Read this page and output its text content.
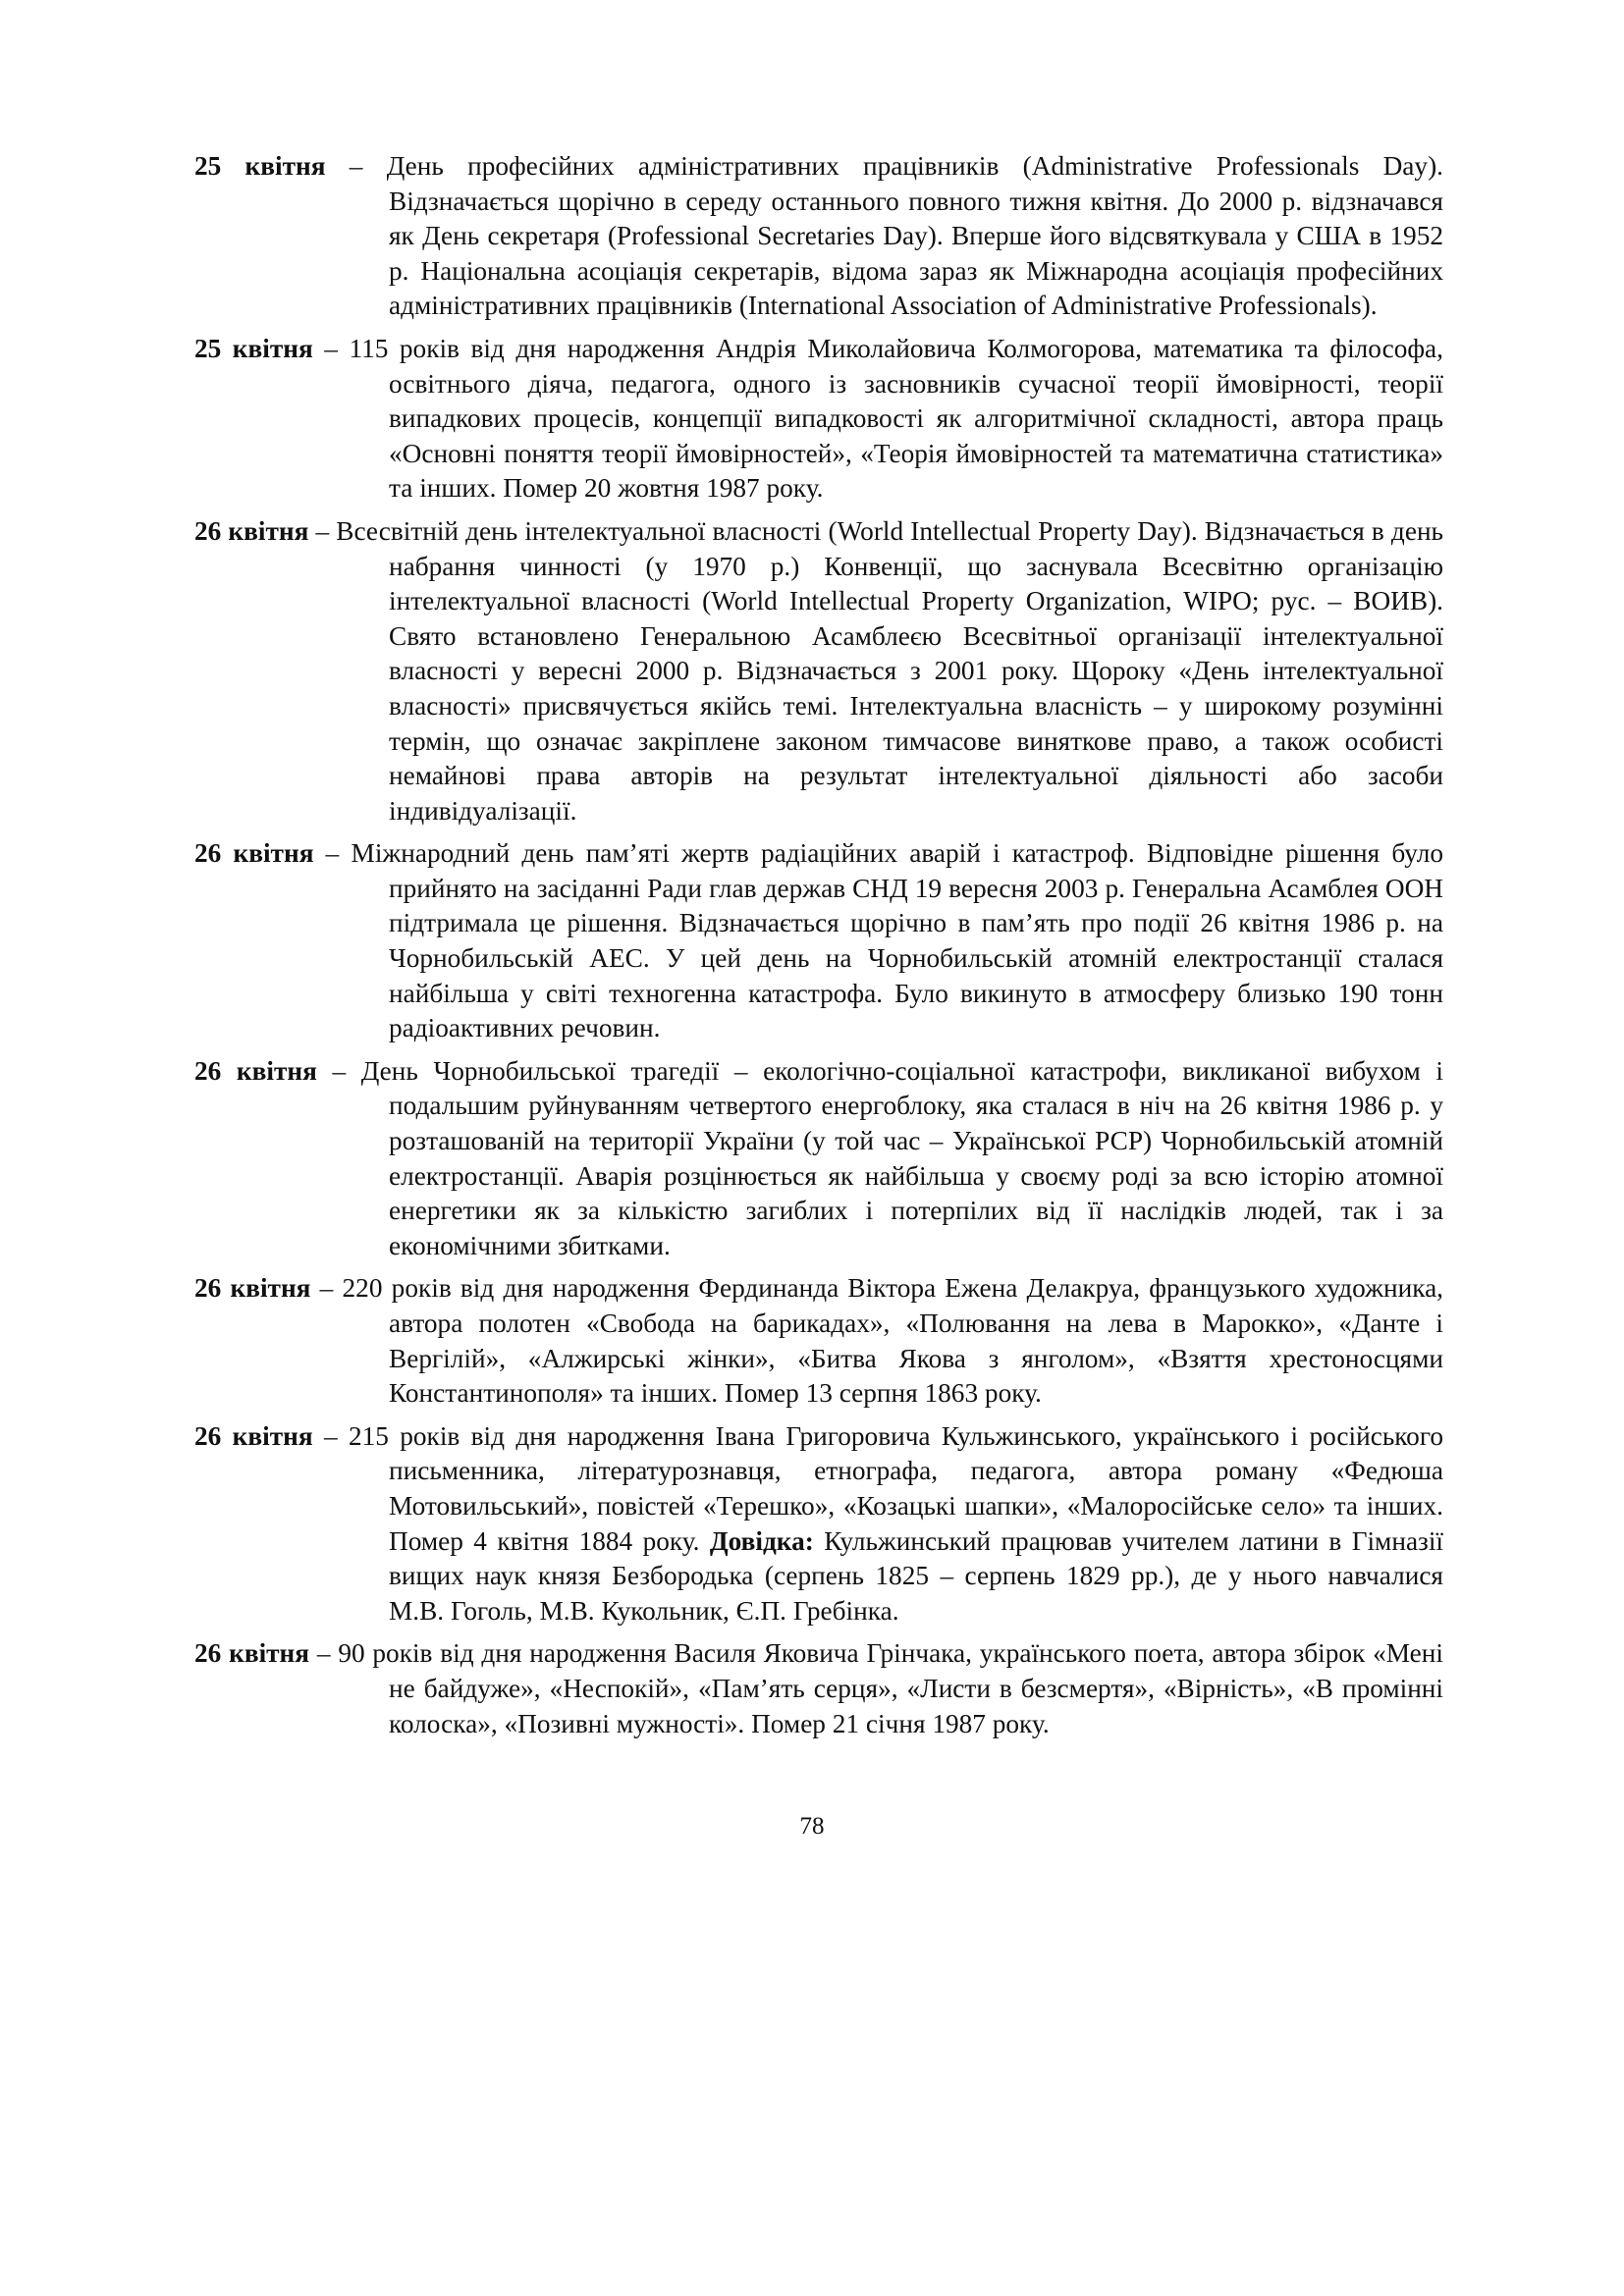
25 квітня – День професійних адміністративних працівників (Administrative Professionals Day). Відзначається щорічно в середу останнього повного тижня квітня. До 2000 р. відзначався як День секретаря (Professional Secretaries Day). Вперше його відсвяткувала у США в 1952 р. Національна асоціація секретарів, відома зараз як Міжнародна асоціація професійних адміністративних працівників (International Association of Administrative Professionals).

25 квітня – 115 років від дня народження Андрія Миколайовича Колмогорова, математика та філософа, освітнього діяча, педагога, одного із засновників сучасної теорії ймовірності, теорії випадкових процесів, концепції випадковості як алгоритмічної складності, автора праць «Основні поняття теорії ймовірностей», «Теорія ймовірностей та математична статистика» та інших. Помер 20 жовтня 1987 року.

26 квітня – Всесвітній день інтелектуальної власності (World Intellectual Property Day). Відзначається в день набрання чинності (у 1970 р.) Конвенції, що заснувала Всесвітню організацію інтелектуальної власності (World Intellectual Property Organization, WIPO; рус. – ВОИВ). Свято встановлено Генеральною Асамблеєю Всесвітньої організації інтелектуальної власності у вересні 2000 р. Відзначається з 2001 року. Щороку «День інтелектуальної власності» присвячується якійсь темі. Інтелектуальна власність – у широкому розумінні термін, що означає закріплене законом тимчасове виняткове право, а також особисті немайнові права авторів на результат інтелектуальної діяльності або засоби індивідуалізації.

26 квітня – Міжнародний день пам’яті жертв радіаційних аварій і катастроф. Відповідне рішення було прийнято на засіданні Ради глав держав СНД 19 вересня 2003 р. Генеральна Асамблея ООН підтримала це рішення. Відзначається щорічно в пам’ять про події 26 квітня 1986 р. на Чорнобильській АЕС. У цей день на Чорнобильській атомній електростанції сталася найбільша у світі техногенна катастрофа. Було викинуто в атмосферу близько 190 тонн радіоактивних речовин.

26 квітня – День Чорнобильської трагедії – екологічно-соціальної катастрофи, викликаної вибухом і подальшим руйнуванням четвертого енергоблоку, яка сталася в ніч на 26 квітня 1986 р. у розташованій на території України (у той час – Української РСР) Чорнобильській атомній електростанції. Аварія розцінюється як найбільша у своєму роді за всю історію атомної енергетики як за кількістю загиблих і потерпілих від її наслідків людей, так і за економічними збитками.

26 квітня – 220 років від дня народження Фердинанда Віктора Ежена Делакруа, французького художника, автора полотен «Свобода на барикадах», «Полювання на лева в Марокко», «Данте і Вергілій», «Алжирські жінки», «Битва Якова з янголом», «Взяття хрестоносцями Константинополя» та інших. Помер 13 серпня 1863 року.

26 квітня – 215 років від дня народження Івана Григоровича Кульжинського, українського і російського письменника, літературознавця, етнографа, педагога, автора роману «Федюша Мотовильський», повістей «Терешко», «Козацькі шапки», «Малоросійське село» та інших. Помер 4 квітня 1884 року. Довідка: Кульжинський працював учителем латини в Гімназії вищих наук князя Безбородька (серпень 1825 – серпень 1829 рр.), де у нього навчалися М.В. Гоголь, М.В. Кукольник, Є.П. Гребінка.

26 квітня – 90 років від дня народження Василя Яковича Грінчака, українського поета, автора збірок «Мені не байдуже», «Неспокій», «Пам’ять серця», «Листи в безсмертя», «Вірність», «В промінні колоска», «Позивні мужності». Помер 21 січня 1987 року.

78
